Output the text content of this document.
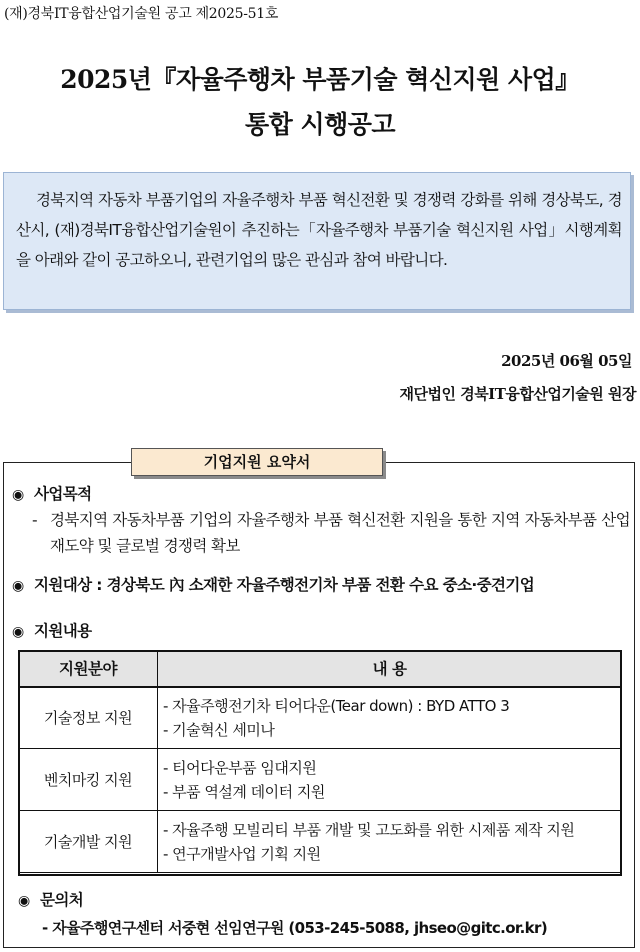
(재)경북IT융합산업기술원 공고 제2025-51호
2025년『자율주행차 부품기술 혁신지원 사업』
통합 시행공고

경북지역 자동차 부품기업의 자율주행차 부품 혁신전환 및 경쟁력 강화를 위해 경상북도, 경산시, (재)경북IT융합산업기술원이 추진하는「자율주행차 부품기술 혁신지원 사업」시행계획을 아래와 같이 공고하오니, 관련기업의 많은 관심과 참여 바랍니다.

2025년 06월 05일
재단법인 경북IT융합산업기술원 원장
기업지원 요약서
◉ 사업목적
- 경북지역 자동차부품 기업의 자율주행차 부품 혁신전환 지원을 통한 지역 자동차부품 산업 재도약 및 글로벌 경쟁력 확보
◉ 지원대상 : 경상북도 內 소재한 자율주행전기차 부품 전환 수요 중소·중견기업
◉ 지원내용
지원분야	내 용
기술정보 지원	- 자율주행전기차 티어다운(Tear down) : BYD ATTO 3
- 기술혁신 세미나

벤치마킹 지원	- 티어다운부품 임대지원
- 부품 역설계 데이터 지원

기술개발 지원	- 자율주행 모빌리티 부품 개발 및 고도화를 위한 시제품 제작 지원
- 연구개발사업 기획 지원
◉ 문의처
- 자율주행연구센터 서중현 선임연구원 (053-245-5088, jhseo@gitc.or.kr)
